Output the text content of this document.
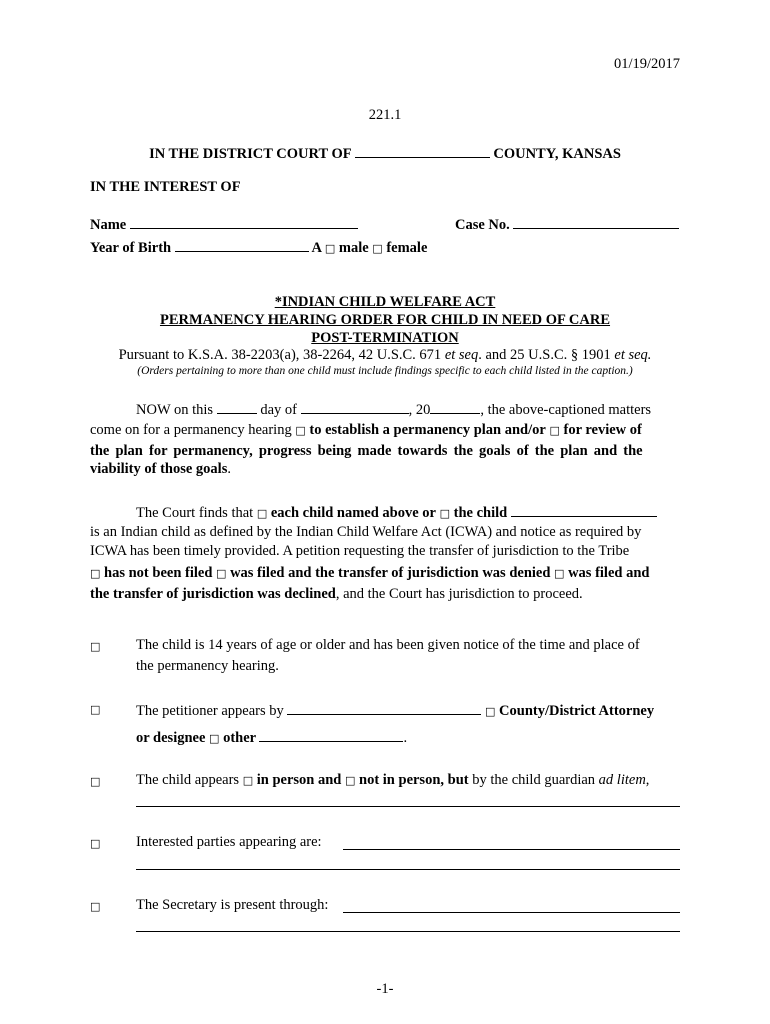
01/19/2017
221.1
IN THE DISTRICT COURT OF	COUNTY, KANSAS
IN THE INTEREST OF
Name	Case No.
Year of Birth	A □ male □ female
*INDIAN CHILD WELFARE ACT
PERMANENCY HEARING ORDER FOR CHILD IN NEED OF CARE
POST-TERMINATION
Pursuant to K.S.A. 38-2203(a), 38-2264, 42 U.S.C. 671 et seq. and 25 U.S.C. § 1901 et seq.
(Orders pertaining to more than one child must include findings specific to each child listed in the caption.)
NOW on this	day of	, 20	, the above-captioned matters
come on for a permanency hearing □ to establish a permanency plan and/or □ for review of
the plan for permanency, progress being made towards the goals of the plan and the
viability of those goals.
The Court finds that □ each child named above or □ the child
is an Indian child as defined by the Indian Child Welfare Act (ICWA) and notice as required by
ICWA has been timely provided. A petition requesting the transfer of jurisdiction to the Tribe
□ has not been filed □ was filed and the transfer of jurisdiction was denied □ was filed and
the transfer of jurisdiction was declined, and the Court has jurisdiction to proceed.
□ The child is 14 years of age or older and has been given notice of the time and place of
the permanency hearing.
□ The petitioner appears by	□ County/District Attorney
or designee □ other	.
□ The child appears □ in person and □ not in person, but by the child guardian ad litem,
□ Interested parties appearing are:
□ The Secretary is present through:
-1-
